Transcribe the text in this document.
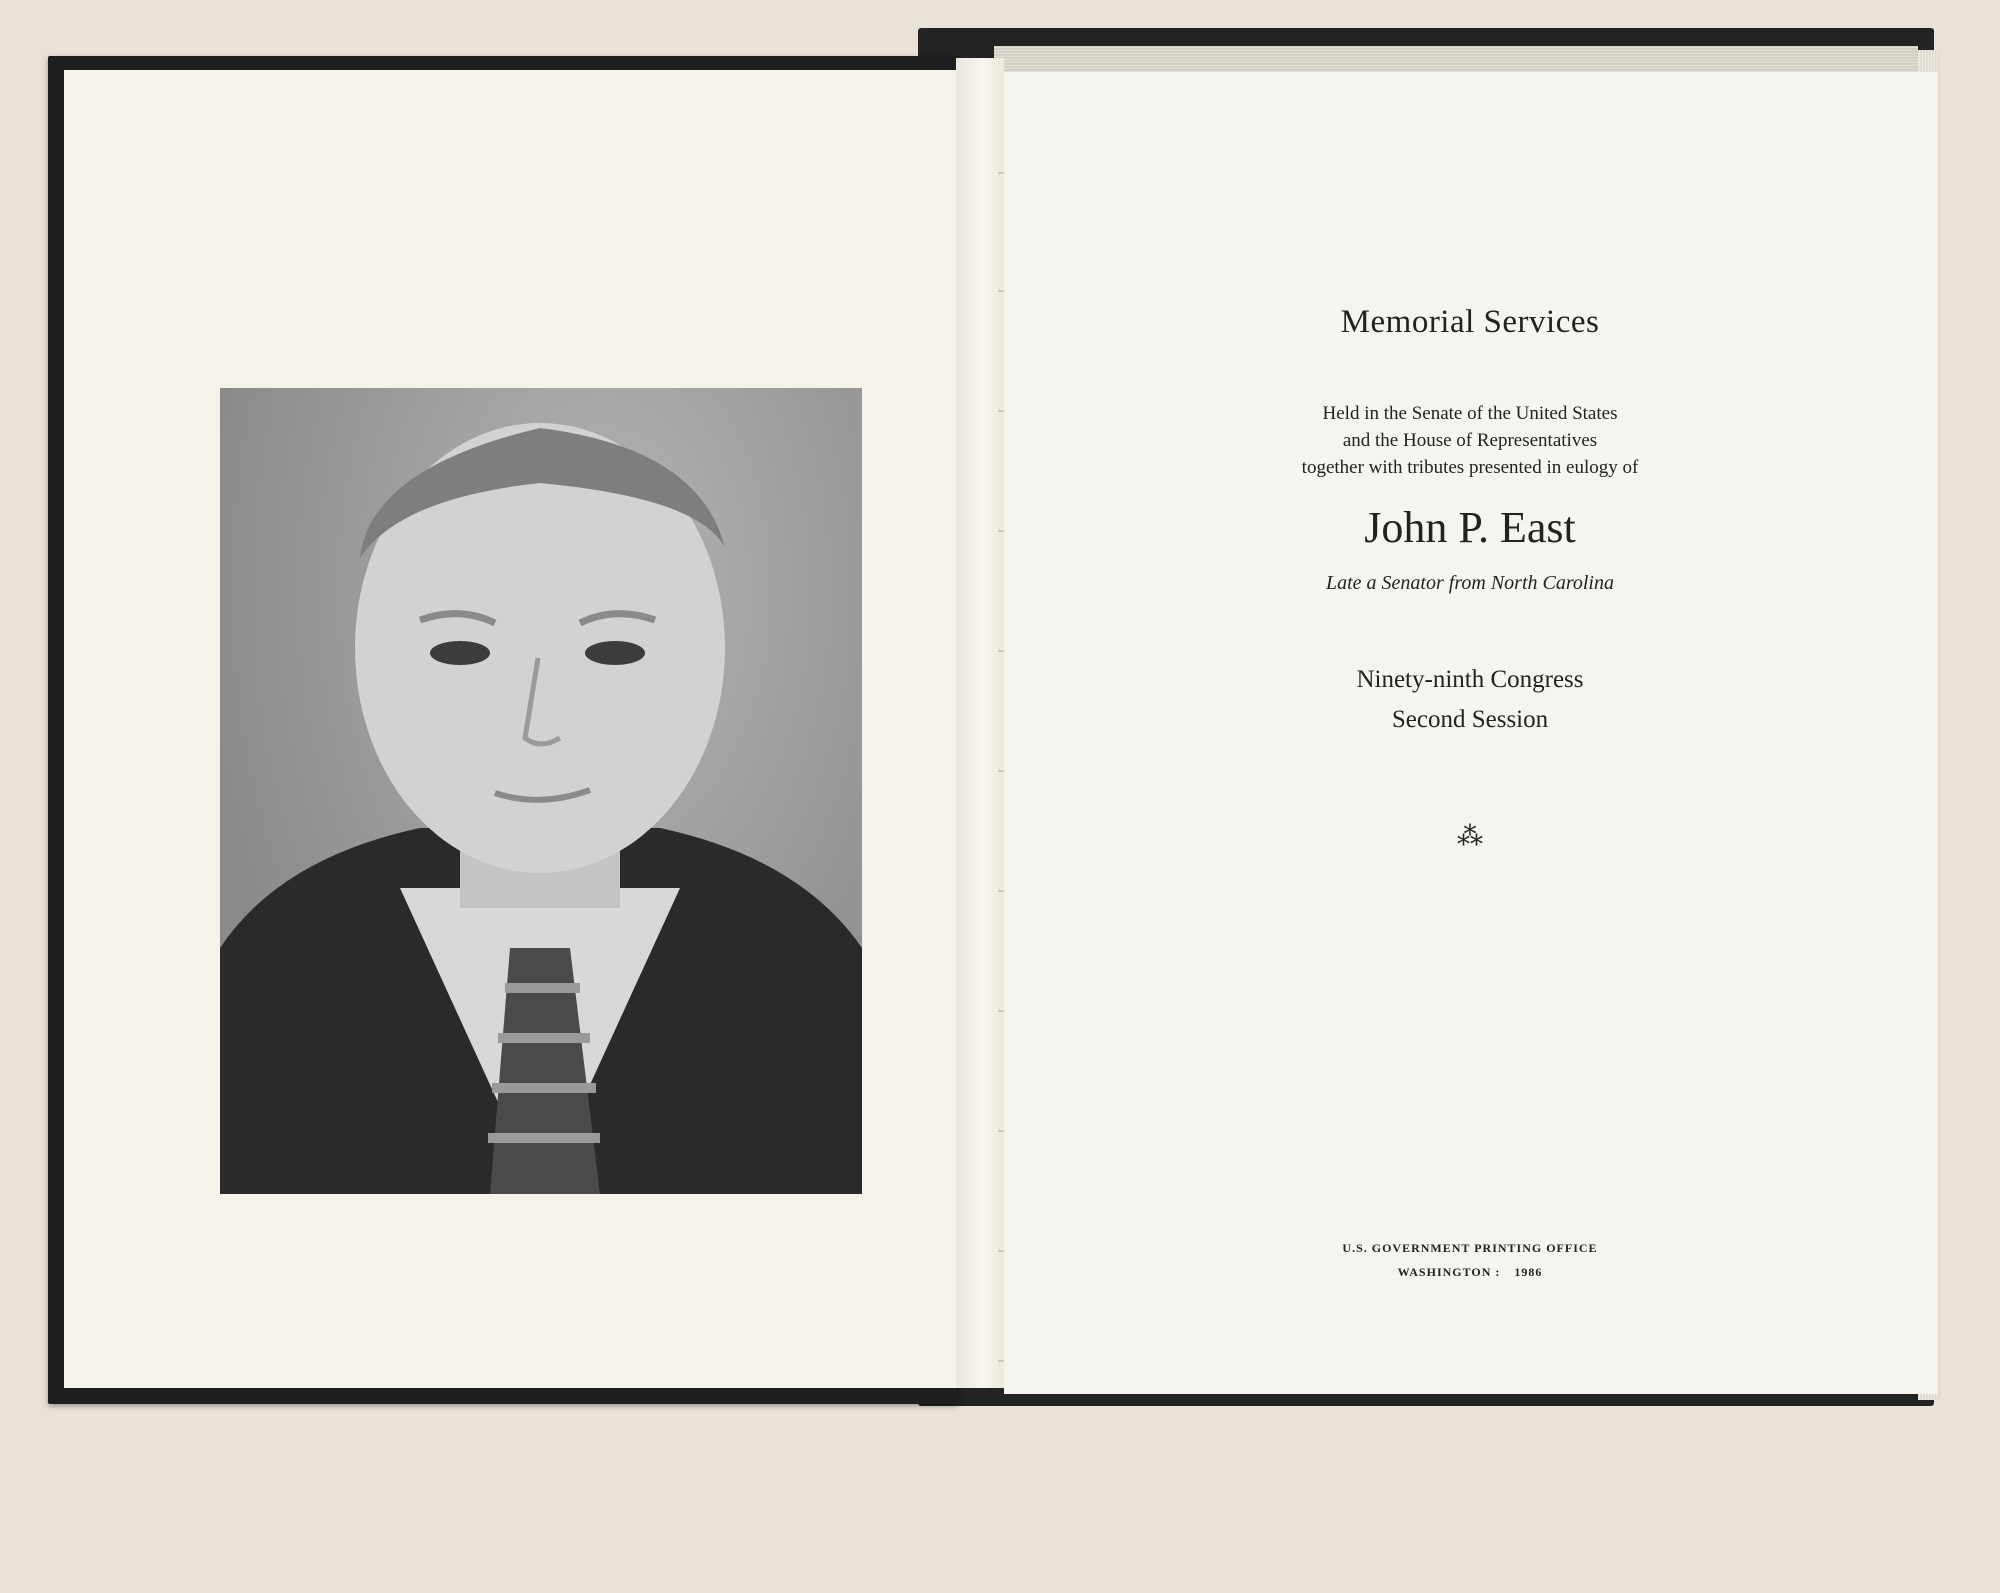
Memorial Services
Held in the Senate of the United States
and the House of Representatives
together with tributes presented in eulogy of
John P. East
Late a Senator from North Carolina
Ninety-ninth Congress
Second Session
⁂
U.S. GOVERNMENT PRINTING OFFICE
WASHINGTON : 1986
